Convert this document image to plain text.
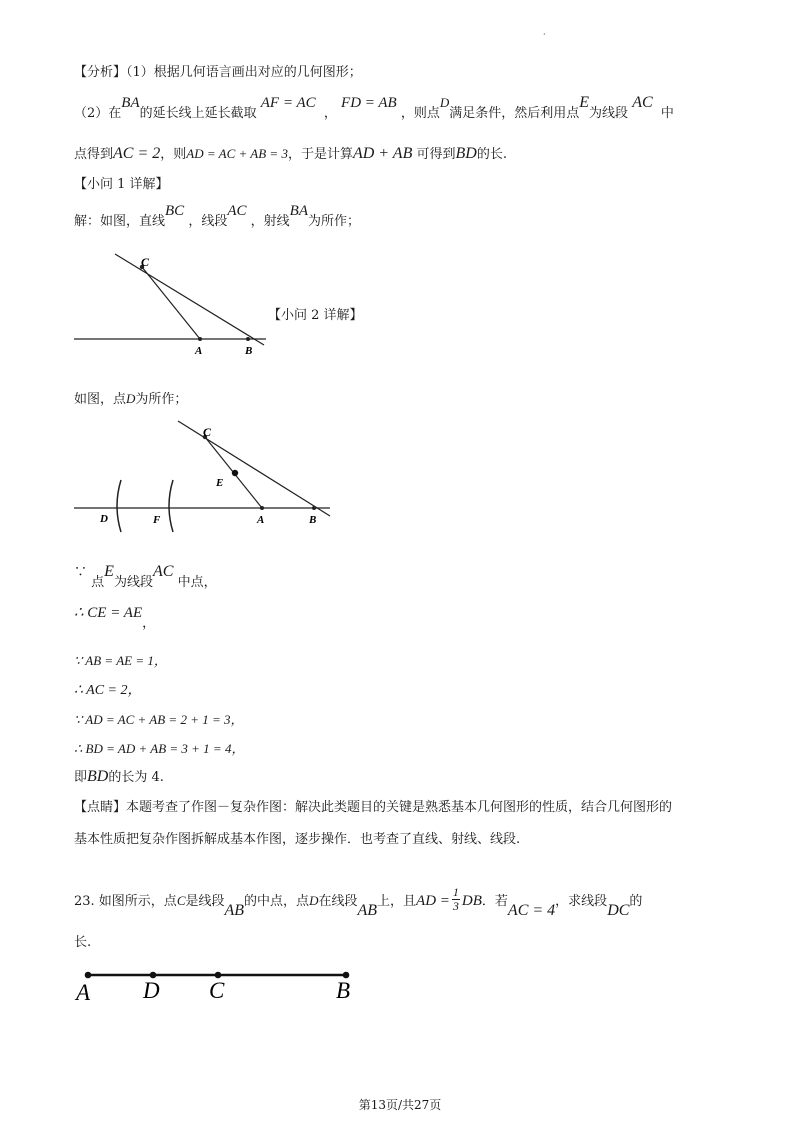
·
【分析】（1）根据几何语言画出对应的几何图形；
（2）在BA的延长线上延长截取 AF = AC  ， FD = AB ，则点D满足条件，然后利用点E为线段 AC  中
点得到AC = 2，则AD = AC + AB = 3，于是计算AD + AB 可得到BD的长.
【小问 1 详解】
解：如图，直线BC ，线段AC ，射线BA为所作；
C
A	B
【小问 2 详解】
如图，点D为所作；
C
E
D	F	A	B
∵ 点E为线段AC 中点，
∴ CE = AE，
∵ AB = AE = 1，
∴ AC = 2，
∵ AD = AC + AB = 2 + 1 = 3，
∴ BD = AD + AB = 3 + 1 = 4，
即BD的长为 4.
【点睛】本题考查了作图－复杂作图：解决此类题目的关键是熟悉基本几何图形的性质，结合几何图形的
基本性质把复杂作图拆解成基本作图，逐步操作．也考查了直线、射线、线段.
23. 如图所示，点C是线段AB的中点，点D在线段AB上，且AD = $\frac{1}{3}$ DB．若AC = 4，求线段DC的
长.
A D C	B
第13页/共27页
